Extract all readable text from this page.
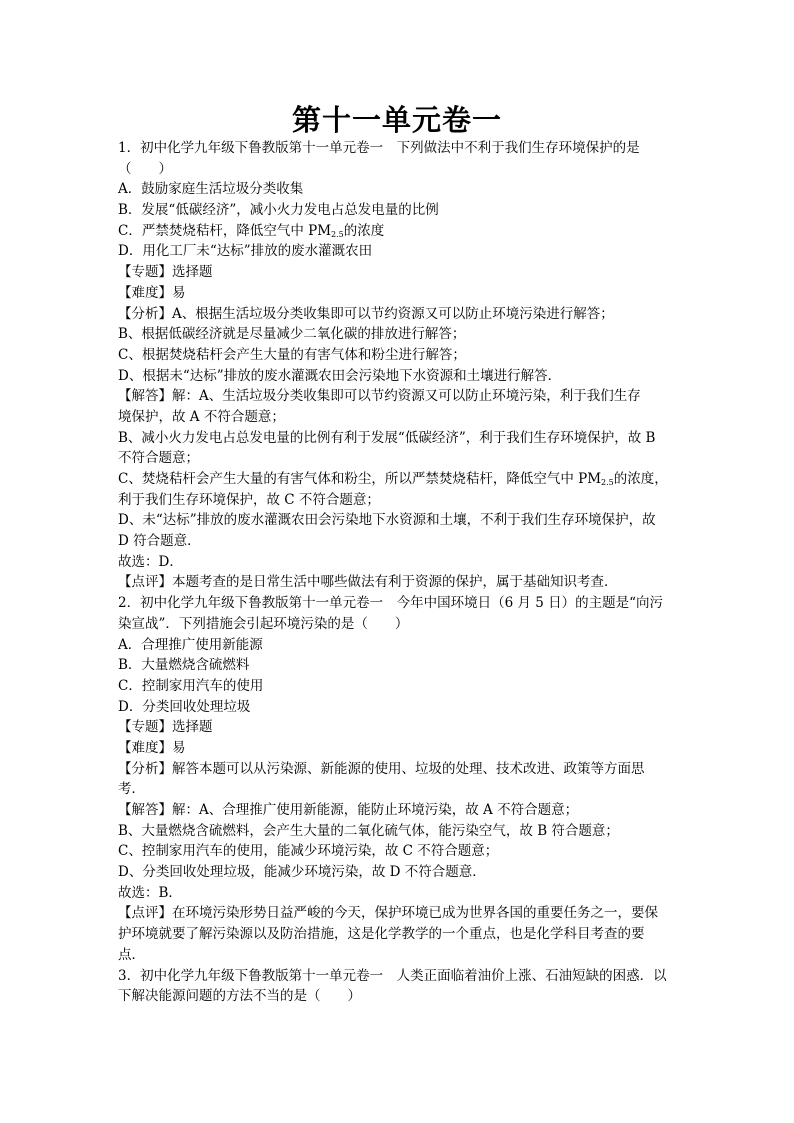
第十一单元卷一
1．初中化学九年级下鲁教版第十一单元卷一　下列做法中不利于我们生存环境保护的是
（　　）
A．鼓励家庭生活垃圾分类收集
B．发展“低碳经济”，减小火力发电占总发电量的比例
C．严禁焚烧秸杆，降低空气中 $PM_{2.5}$的浓度
D．用化工厂未“达标”排放的废水灌溉农田
【专题】选择题
【难度】易
【分析】A、根据生活垃圾分类收集即可以节约资源又可以防止环境污染进行解答；
B、根据低碳经济就是尽量减少二氧化碳的排放进行解答；
C、根据焚烧秸杆会产生大量的有害气体和粉尘进行解答；
D、根据未“达标”排放的废水灌溉农田会污染地下水资源和土壤进行解答．
【解答】解：A、生活垃圾分类收集即可以节约资源又可以防止环境污染，利于我们生存
境保护，故 A 不符合题意；
B、减小火力发电占总发电量的比例有利于发展“低碳经济”，利于我们生存环境保护，故 B
不符合题意；
C、焚烧秸杆会产生大量的有害气体和粉尘，所以严禁焚烧秸杆，降低空气中 $PM_{2.5}$的浓度，
利于我们生存环境保护，故 C 不符合题意；
D、未“达标”排放的废水灌溉农田会污染地下水资源和土壤，不利于我们生存环境保护，故
D 符合题意．
故选：D．
【点评】本题考查的是日常生活中哪些做法有利于资源的保护，属于基础知识考查．
2．初中化学九年级下鲁教版第十一单元卷一　今年中国环境日（6 月 5 日）的主题是“向污
染宣战”．下列措施会引起环境污染的是（　　）
A．合理推广使用新能源
B．大量燃烧含硫燃料
C．控制家用汽车的使用
D．分类回收处理垃圾
【专题】选择题
【难度】易
【分析】解答本题可以从污染源、新能源的使用、垃圾的处理、技术改进、政策等方面思
考．
【解答】解：A、合理推广使用新能源，能防止环境污染，故 A 不符合题意；
B、大量燃烧含硫燃料，会产生大量的二氧化硫气体，能污染空气，故 B 符合题意；
C、控制家用汽车的使用，能减少环境污染，故 C 不符合题意；
D、分类回收处理垃圾，能减少环境污染，故 D 不符合题意．
故选：B．
【点评】在环境污染形势日益严峻的今天，保护环境已成为世界各国的重要任务之一，要保
护环境就要了解污染源以及防治措施，这是化学教学的一个重点，也是化学科目考查的要
点．
3．初中化学九年级下鲁教版第十一单元卷一　人类正面临着油价上涨、石油短缺的困惑．以
下解决能源问题的方法不当的是（　　）
